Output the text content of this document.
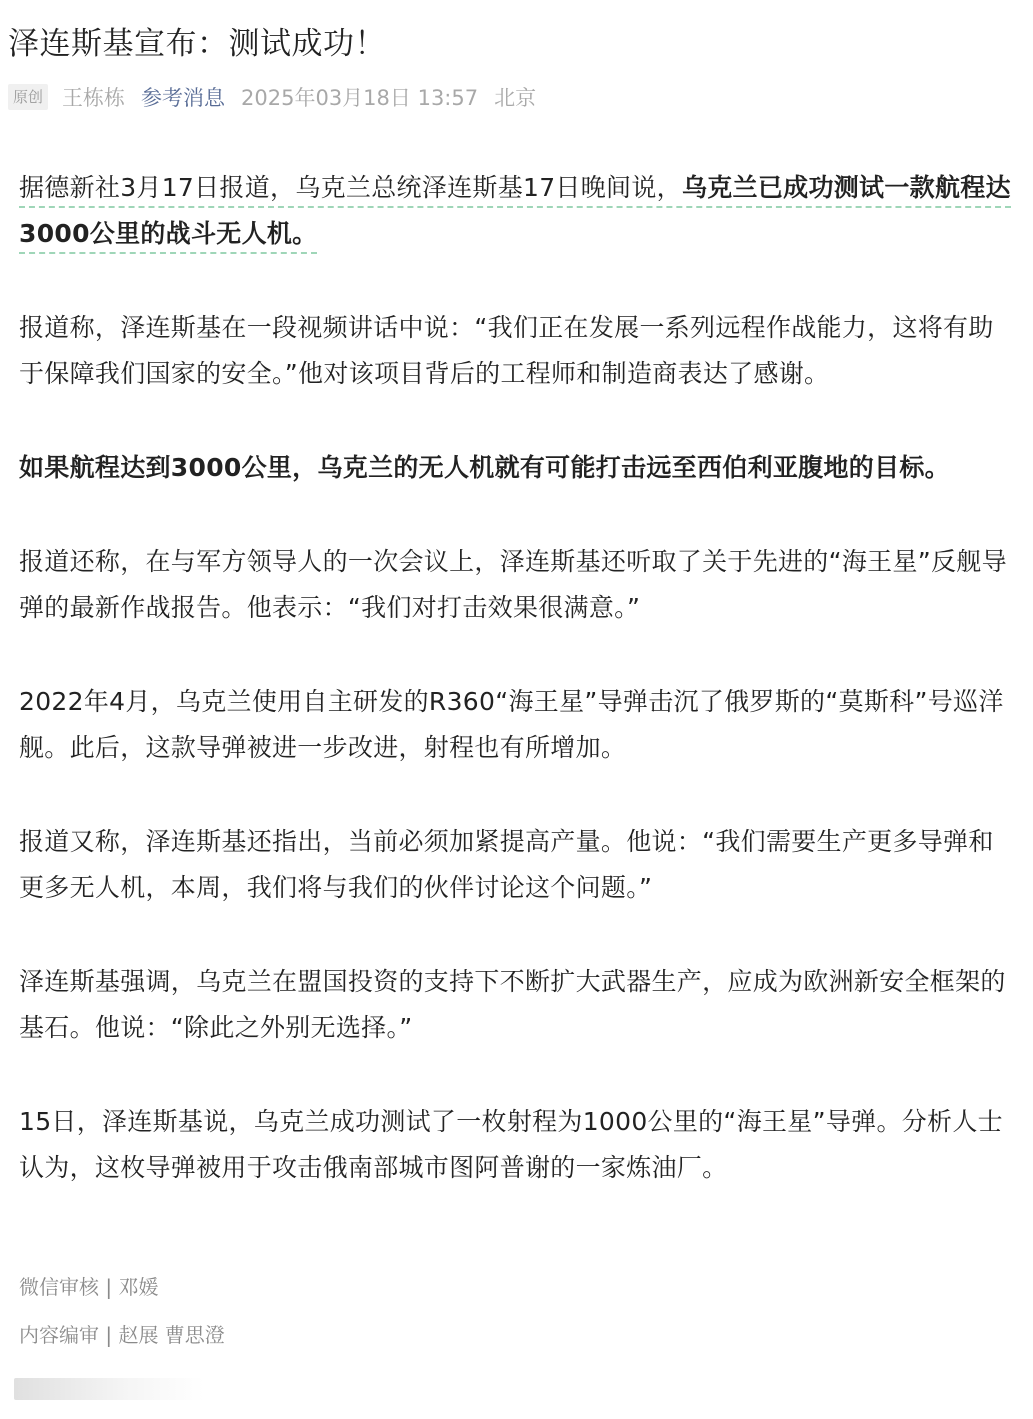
泽连斯基宣布：测试成功！
原创 王栋栋 参考消息 2025年03月18日 13:57 北京

据德新社3月17日报道，乌克兰总统泽连斯基17日晚间说，乌克兰已成功测试一款航程达3000公里的战斗无人机。

报道称，泽连斯基在一段视频讲话中说：“我们正在发展一系列远程作战能力，这将有助于保障我们国家的安全。”他对该项目背后的工程师和制造商表达了感谢。

如果航程达到3000公里，乌克兰的无人机就有可能打击远至西伯利亚腹地的目标。

报道还称，在与军方领导人的一次会议上，泽连斯基还听取了关于先进的“海王星”反舰导弹的最新作战报告。他表示：“我们对打击效果很满意。”

2022年4月，乌克兰使用自主研发的R360“海王星”导弹击沉了俄罗斯的“莫斯科”号巡洋舰。此后，这款导弹被进一步改进，射程也有所增加。

报道又称，泽连斯基还指出，当前必须加紧提高产量。他说：“我们需要生产更多导弹和更多无人机，本周，我们将与我们的伙伴讨论这个问题。”

泽连斯基强调，乌克兰在盟国投资的支持下不断扩大武器生产，应成为欧洲新安全框架的基石。他说：“除此之外别无选择。”

15日，泽连斯基说，乌克兰成功测试了一枚射程为1000公里的“海王星”导弹。分析人士认为，这枚导弹被用于攻击俄南部城市图阿普谢的一家炼油厂。

微信审核 | 邓媛
内容编审 | 赵展 曹思澄
